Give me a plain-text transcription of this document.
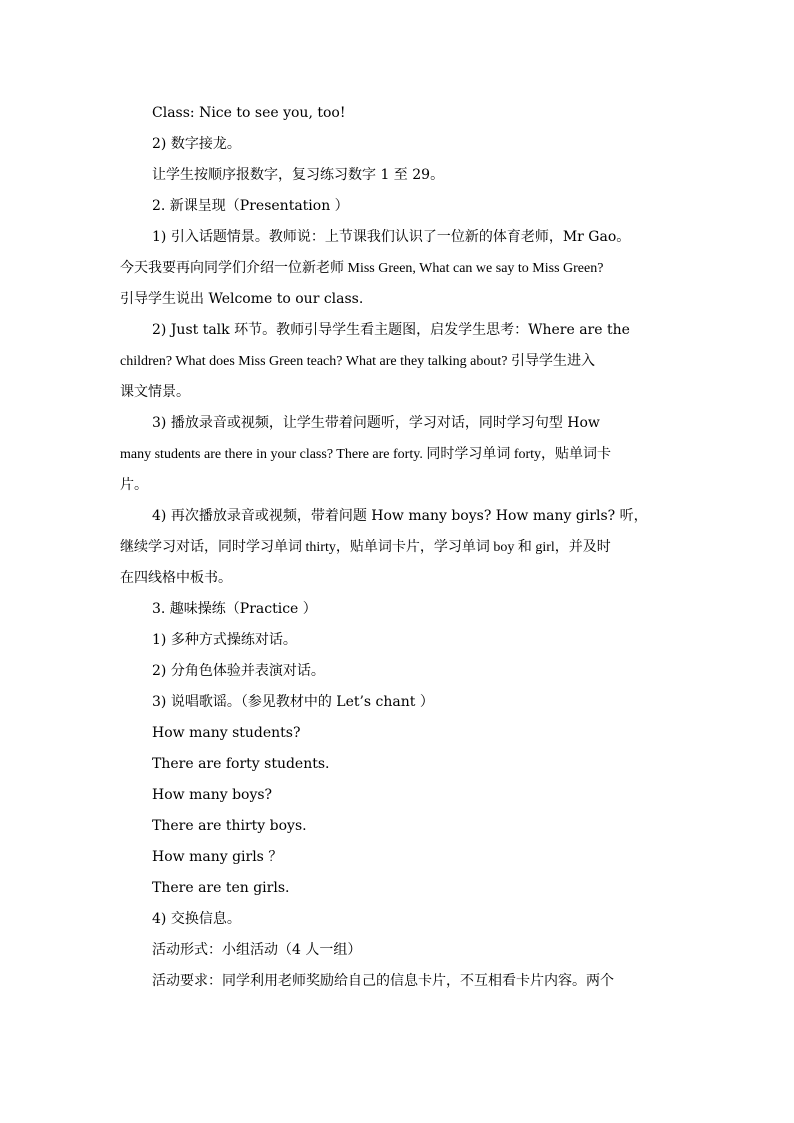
Class: Nice to see you, too!
2) 数字接龙。
让学生按顺序报数字，复习练习数字 1 至 29。
2. 新课呈现（Presentation ）
1) 引入话题情景。教师说：上节课我们认识了一位新的体育老师，Mr Gao。
今天我要再向同学们介绍一位新老师 Miss Green, What can we say to Miss Green?
引导学生说出 Welcome to our class.
2) Just talk 环节。教师引导学生看主题图，启发学生思考：Where are the
children? What does Miss Green teach? What are they talking about? 引导学生进入
课文情景。
3) 播放录音或视频，让学生带着问题听，学习对话，同时学习句型 How
many students are there in your class? There are forty. 同时学习单词 forty，贴单词卡
片。
4) 再次播放录音或视频，带着问题 How many boys? How many girls? 听，
继续学习对话，同时学习单词 thirty，贴单词卡片，学习单词 boy 和 girl，并及时
在四线格中板书。
3. 趣味操练（Practice ）
1) 多种方式操练对话。
2) 分角色体验并表演对话。
3) 说唱歌谣。（参见教材中的 Let’s chant ）
How many students?
There are forty students.
How many boys?
There are thirty boys.
How many girls ？
There are ten girls.
4) 交换信息。
活动形式：小组活动（4 人一组）
活动要求：同学利用老师奖励给自己的信息卡片，不互相看卡片内容。两个
